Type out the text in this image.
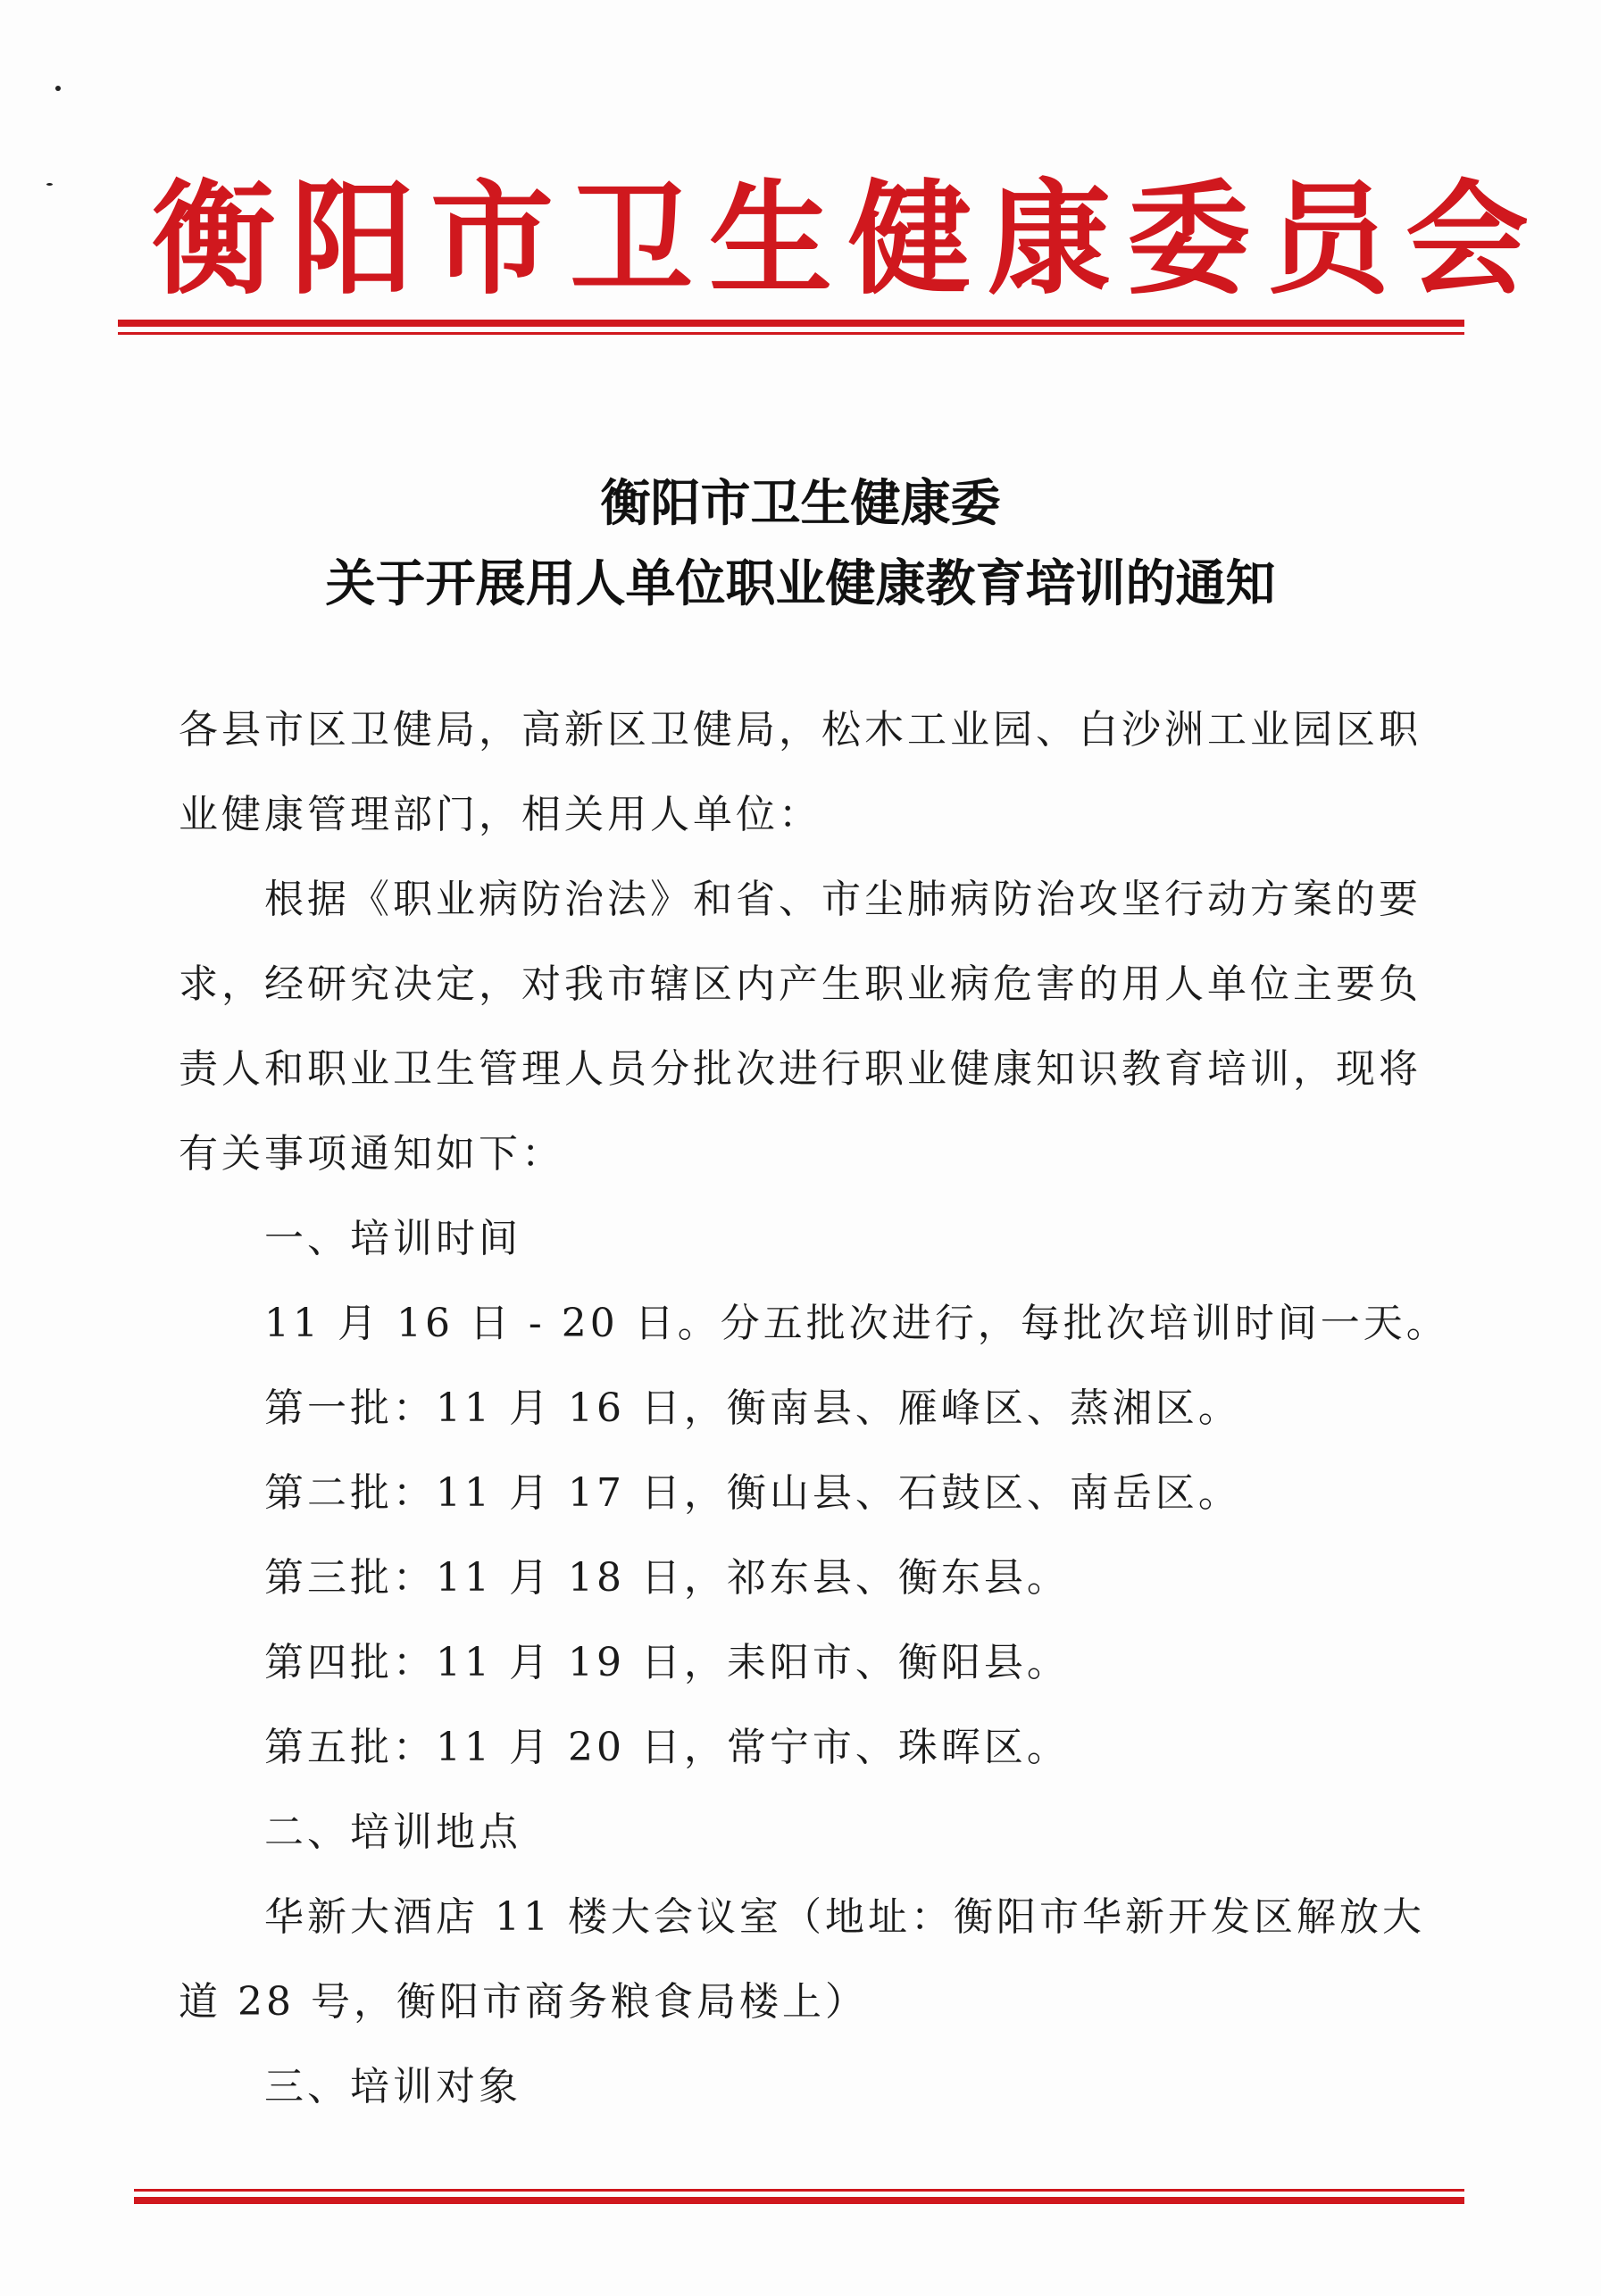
衡阳市卫生健康委员会
衡阳市卫生健康委
关于开展用人单位职业健康教育培训的通知
各县市区卫健局，高新区卫健局，松木工业园、白沙洲工业园区职
业健康管理部门，相关用人单位：
根据《职业病防治法》和省、市尘肺病防治攻坚行动方案的要
求，经研究决定，对我市辖区内产生职业病危害的用人单位主要负
责人和职业卫生管理人员分批次进行职业健康知识教育培训，现将
有关事项通知如下：
一、培训时间
11 月 16 日 - 20 日。分五批次进行，每批次培训时间一天。
第一批：11 月 16 日，衡南县、雁峰区、蒸湘区。
第二批：11 月 17 日，衡山县、石鼓区、南岳区。
第三批：11 月 18 日，祁东县、衡东县。
第四批：11 月 19 日，耒阳市、衡阳县。
第五批：11 月 20 日，常宁市、珠晖区。
二、培训地点
华新大酒店 11 楼大会议室（地址：衡阳市华新开发区解放大
道 28 号，衡阳市商务粮食局楼上）
三、培训对象
